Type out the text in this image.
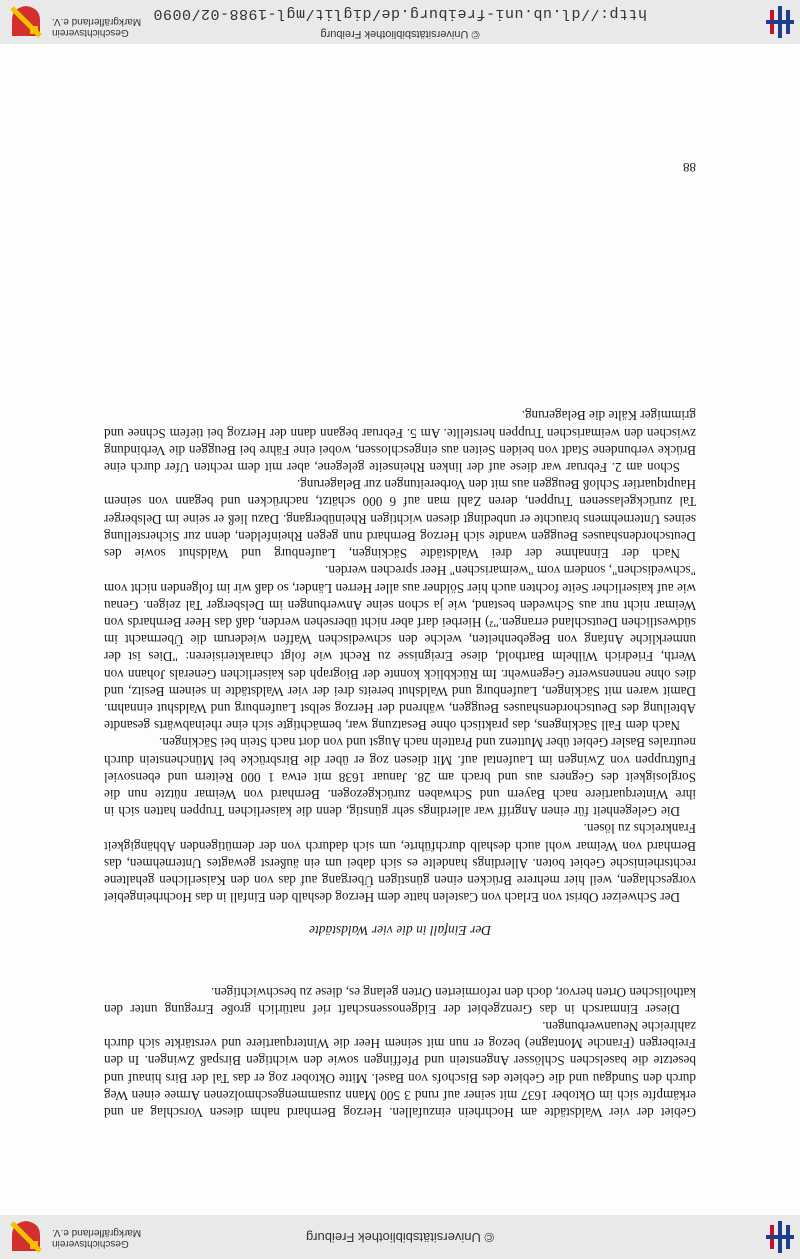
© Universitätsbibliothek Freiburg
Geschichtsverein
Markgräflerland e.V.

Gebiet der vier Waldstädte am Hochrhein einzufallen. Herzog Bernhard nahm diesen Vorschlag an und erkämpfte sich im Oktober 1637 mit seiner auf rund 3 500 Mann zusammengeschmolzenen Armee einen Weg durch den Sundgau und die Gebiete des Bischofs von Basel. Mitte Oktober zog er das Tal der Birs hinauf und besetzte die baselschen Schlösser Angenstein und Pfeffingen sowie den wichtigen Birspaß Zwingen. In den Freibergen (Franche Montagne) bezog er nun mit seinem Heer die Winterquartiere und verstärkte sich durch zahlreiche Neuanwerbungen.

Dieser Einmarsch in das Grenzgebiet der Eidgenossenschaft rief natürlich große Erregung unter den katholischen Orten hervor, doch den reformierten Orten gelang es, diese zu beschwichtigen.

Der Einfall in die vier Waldstädte

Der Schweizer Obrist von Erlach von Castelen hatte dem Herzog deshalb den Einfall in das Hochrheingebiet vorgeschlagen, weil hier mehrere Brücken einen günstigen Übergang auf das von den Kaiserlichen gehaltene rechtsrheinische Gebiet boten. Allerdings handelte es sich dabei um ein äußerst gewagtes Unternehmen, das Bernhard von Weimar wohl auch deshalb durchführte, um sich dadurch von der demütigenden Abhängigkeit Frankreichs zu lösen.

Die Gelegenheit für einen Angriff war allerdings sehr günstig, denn die kaiserlichen Truppen hatten sich in ihre Winterquartiere nach Bayern und Schwaben zurückgezogen. Bernhard von Weimar nützte nun die Sorglosigkeit des Gegners aus und brach am 28. Januar 1638 mit etwa 1 000 Reitern und ebensoviel Fußtruppen von Zwingen im Laufental auf. Mit diesen zog er über die Birsbrücke bei Münchenstein durch neutrales Basler Gebiet über Muttenz und Pratteln nach Augst und von dort nach Stein bei Säckingen.

Nach dem Fall Säckingens, das praktisch ohne Besatzung war, bemächtigte sich eine rheinabwärts gesandte Abteilung des Deutschordenshauses Beuggen, während der Herzog selbst Laufenburg und Waldshut einnahm. Damit waren mit Säckingen, Laufenburg und Waldshut bereits drei der vier Waldstädte in seinem Besitz, und dies ohne nennenswerte Gegenwehr. Im Rückblick konnte der Biograph des kaiserlichen Generals Johann von Werth, Friedrich Wilhelm Barthold, diese Ereignisse zu Recht wie folgt charakterisieren: "Dies ist der unmerkliche Anfang von Begebenheiten, welche den schwedischen Waffen wiederum die Übermacht im südwestlichen Deutschland errangen."²) Hierbei darf aber nicht übersehen werden, daß das Heer Bernhards von Weimar nicht nur aus Schweden bestand, wie ja schon seine Anwerbungen im Delsberger Tal zeigen. Genau wie auf kaiserlicher Seite fochten auch hier Söldner aus aller Herren Länder, so daß wir im folgenden nicht vom "schwedischen", sondern vom "weimarischen" Heer sprechen werden.

Nach der Einnahme der drei Waldstädte Säckingen, Laufenburg und Waldshut sowie des Deutschordenshauses Beuggen wandte sich Herzog Bernhard nun gegen Rheinfelden, denn zur Sicherstellung seines Unternehmens brauchte er unbedingt diesen wichtigen Rheinübergang. Dazu ließ er seine im Delsberger Tal zurückgelassenen Truppen, deren Zahl man auf 6 000 schätzt, nachrücken und begann von seinem Hauptquartier Schloß Beuggen aus mit den Vorbereitungen zur Belagerung.

Schon am 2. Februar war diese auf der linken Rheinseite gelegene, aber mit dem rechten Ufer durch eine Brücke verbundene Stadt von beiden Seiten aus eingeschlossen, wobei eine Fähre bei Beuggen die Verbindung zwischen den weimarischen Truppen herstellte. Am 5. Februar begann dann der Herzog bei tiefem Schnee und grimmiger Kälte die Belagerung.

88
© Universitätsbibliothek Freiburg
http://dl.ub.uni-freiburg.de/diglit/mgl-1988-02/0090
Geschichtsverein
Markgräflerland e.V.
